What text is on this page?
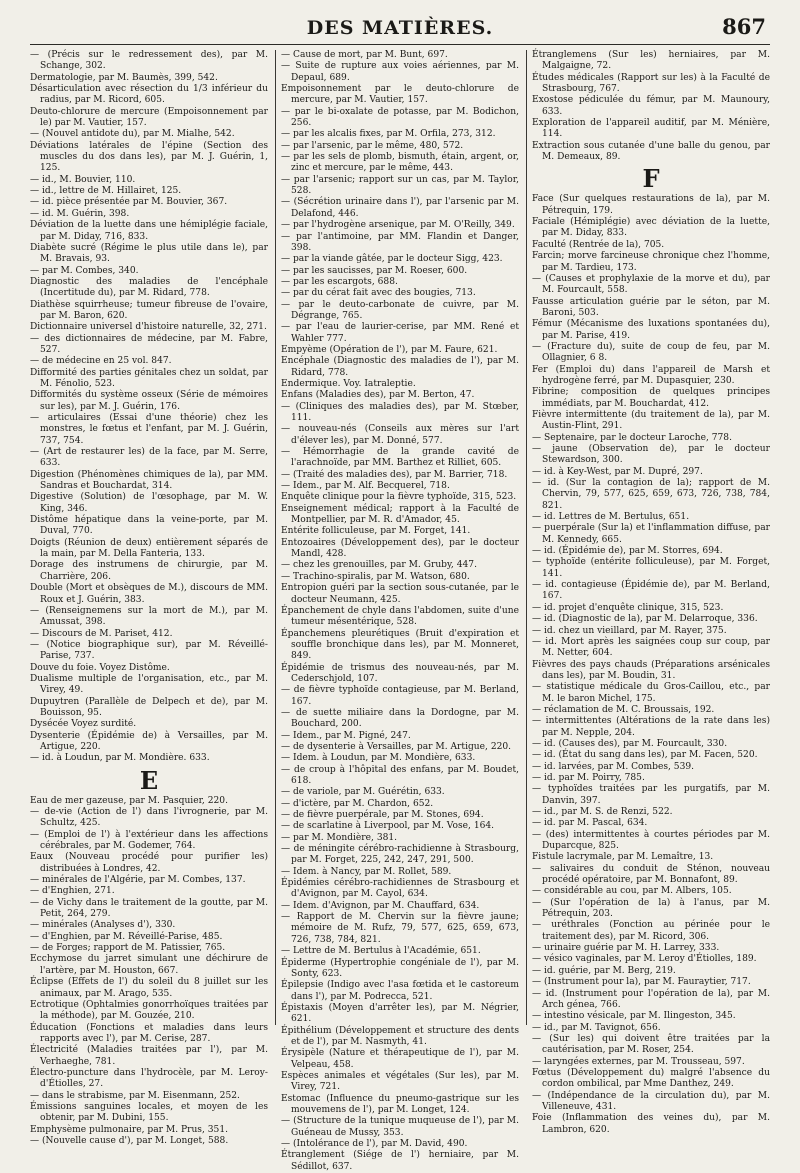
DES MATIÈRES.	867

— (Précis sur le redressement des), par M. Schange, 302.

Dermatologie, par M. Baumès, 399, 542.

Désarticulation avec résection du 1/3 inférieur du radius, par M. Ricord, 605.

Deuto-chlorure de mercure (Empoisonnement par le) par M. Vautier, 157.

— (Nouvel antidote du), par M. Mialhe, 542.

Déviations latérales de l'épine (Section des muscles du dos dans les), par M. J. Guérin, 1, 125.

— id., M. Bouvier, 110.

— id., lettre de M. Hillairet, 125.

— id. pièce présentée par M. Bouvier, 367.

— id. M. Guérin, 398.

Déviation de la luette dans une hémiplégie faciale, par M. Diday, 716, 833.

Diabète sucré (Régime le plus utile dans le), par M. Bravais, 93.

— par M. Combes, 340.

Diagnostic des maladies de l'encéphale (Incertitude du), par M. Ridard, 778.

Diathèse squirrheuse; tumeur fibreuse de l'ovaire, par M. Baron, 620.

Dictionnaire universel d'histoire naturelle, 32, 271.

— des dictionnaires de médecine, par M. Fabre, 527.

— de médecine en 25 vol. 847.

Difformité des parties génitales chez un soldat, par M. Fénolio, 523.

Difformités du système osseux (Série de mémoires sur les), par M. J. Guérin, 176.

— articulaires (Essai d'une théorie) chez les monstres, le fœtus et l'enfant, par M. J. Guérin, 737, 754.

— (Art de restaurer les) de la face, par M. Serre, 633.

Digestion (Phénomènes chimiques de la), par MM. Sandras et Bouchardat, 314.

Digestive (Solution) de l'œsophage, par M. W. King, 346.

Distôme hépatique dans la veine-porte, par M. Duval, 770.

Doigts (Réunion de deux) entièrement séparés de la main, par M. Della Fanteria, 133.

Dorage des instrumens de chirurgie, par M. Charrière, 206.

Double (Mort et obsèques de M.), discours de MM. Roux et J. Guérin, 383.

— (Renseignemens sur la mort de M.), par M. Amussat, 398.

— Discours de M. Pariset, 412.

— (Notice biographique sur), par M. Réveillé-Parise, 737.

Douve du foie. Voyez Distôme.

Dualisme multiple de l'organisation, etc., par M. Virey, 49.

Dupuytren (Parallèle de Delpech et de), par M. Bouisson, 95.

Dysécée Voyez surdité.

Dysenterie (Épidémie de) à Versailles, par M. Artigue, 220.

— id. à Loudun, par M. Mondière. 633.

E

Eau de mer gazeuse, par M. Pasquier, 220.

— de-vie (Action de l') dans l'ivrognerie, par M. Schultz, 425.

— (Emploi de l') à l'extérieur dans les affections cérébrales, par M. Godemer, 764.

Eaux (Nouveau procédé pour purifier les) distribuées à Londres, 42.

— minérales de l'Algérie, par M. Combes, 137.

— d'Enghien, 271.

— de Vichy dans le traitement de la goutte, par M. Petit, 264, 279.

— minérales (Analyses d'), 330.

— d'Enghien, par M. Réveillé-Parise, 485.

— de Forges; rapport de M. Patissier, 765.

Ecchymose du jarret simulant une déchirure de l'artère, par M. Houston, 667.

Éclipse (Effets de l') du soleil du 8 juillet sur les animaux, par M. Arago, 535.

Ectrotique (Ophtalmies gonorrhoïques traitées par la méthode), par M. Gouzée, 210.

Éducation (Fonctions et maladies dans leurs rapports avec l'), par M. Cerise, 287.

Électricité (Maladies traitées par l'), par M. Verhaeghe, 781.

Électro-puncture dans l'hydrocèle, par M. Leroy-d'Étiolles, 27.

— dans le strabisme, par M. Eisenmann, 252.

Émissions sanguines locales, et moyen de les obtenir, par M. Dubini, 155.

Emphysème pulmonaire, par M. Prus, 351.

— (Nouvelle cause d'), par M. Longet, 588.

— Cause de mort, par M. Bunt, 697.

— Suite de rupture aux voies aériennes, par M. Depaul, 689.

Empoisonnement par le deuto-chlorure de mercure, par M. Vautier, 157.

— par le bi-oxalate de potasse, par M. Bodichon, 256.

— par les alcalis fixes, par M. Orfila, 273, 312.

— par l'arsenic, par le même, 480, 572.

— par les sels de plomb, bismuth, étain, argent, or, zinc et mercure, par le même, 443.

— par l'arsenic; rapport sur un cas, par M. Taylor, 528.

— (Sécrétion urinaire dans l'), par l'arsenic par M. Delafond, 446.

— par l'hydrogène arsenique, par M. O'Reilly, 349.

— par l'antimoine, par MM. Flandin et Danger, 398.

— par la viande gâtée, par le docteur Sigg, 423.

— par les saucisses, par M. Roeser, 600.

— par les escargots, 688.

— par du cérat fait avec des bougies, 713.

— par le deuto-carbonate de cuivre, par M. Dégrange, 765.

— par l'eau de laurier-cerise, par MM. René et Wahler 777.

Empyème (Opération de l'), par M. Faure, 621.

Encéphale (Diagnostic des maladies de l'), par M. Ridard, 778.

Endermique. Voy. Iatraleptie.

Enfans (Maladies des), par M. Berton, 47.

— (Cliniques des maladies des), par M. Stœber, 111.

— nouveau-nés (Conseils aux mères sur l'art d'élever les), par M. Donné, 577.

— Hémorrhagie de la grande cavité de l'arachnoïde, par MM. Barthez et Rilliet, 605.

— (Traité des maladies des), par M. Barrier, 718.

— Idem., par M. Alf. Becquerel, 718.

Enquête clinique pour la fièvre typhoïde, 315, 523.

Enseignement médical; rapport à la Faculté de Montpellier, par M. R. d'Amador, 45.

Entérite folliculeuse, par M. Forget, 141.

Entozoaires (Développement des), par le docteur Mandl, 428.

— chez les grenouilles, par M. Gruby, 447.

— Trachino-spiralis, par M. Watson, 680.

Entropion guéri par la section sous-cutanée, par le docteur Neumann, 425.

Épanchement de chyle dans l'abdomen, suite d'une tumeur mésentérique, 528.

Épanchemens pleurétiques (Bruit d'expiration et souffle bronchique dans les), par M. Monneret, 849.

Épidémie de trismus des nouveau-nés, par M. Cederschjold, 107.

— de fièvre typhoïde contagieuse, par M. Berland, 167.

— de suette miliaire dans la Dordogne, par M. Bouchard, 200.

— Idem., par M. Pigné, 247.

— de dysenterie à Versailles, par M. Artigue, 220.

— Idem. à Loudun, par M. Mondière, 633.

— de croup à l'hôpital des enfans, par M. Boudet, 618.

— de variole, par M. Guérétin, 633.

— d'ictère, par M. Chardon, 652.

— de fièvre puerpérale, par M. Stones, 694.

— de scarlatine à Liverpool, par M. Vose, 164.

— par M. Mondière, 381.

— de méningite cérébro-rachidienne à Strasbourg, par M. Forget, 225, 242, 247, 291, 500.

— Idem. à Nancy, par M. Rollet, 589.

Épidémies cérébro-rachidiennes de Strasbourg et d'Avignon, par M. Cayol, 634.

— Idem. d'Avignon, par M. Chauffard, 634.

— Rapport de M. Chervin sur la fièvre jaune; mémoire de M. Rufz, 79, 577, 625, 659, 673, 726, 738, 784, 821.

— Lettre de M. Bertulus à l'Académie, 651.

Épiderme (Hypertrophie congéniale de l'), par M. Sonty, 623.

Épilepsie (Indigo avec l'asa fœtida et le castoreum dans l'), par M. Podrecca, 521.

Épistaxis (Moyen d'arrêter les), par M. Négrier, 621.

Épithélium (Développement et structure des dents et de l'), par M. Nasmyth, 41.

Érysipèle (Nature et thérapeutique de l'), par M. Velpeau, 458.

Espèces animales et végétales (Sur les), par M. Virey, 721.

Estomac (Influence du pneumo-gastrique sur les mouvemens de l'), par M. Longet, 124.

— (Structure de la tunique muqueuse de l'), par M. Guéneau de Mussy, 353.

— (Intolérance de l'), par M. David, 490.

Étranglement (Siége de l') herniaire, par M. Sédillot, 637.

Étranglemens (Sur les) herniaires, par M. Malgaigne, 72.

Études médicales (Rapport sur les) à la Faculté de Strasbourg, 767.

Exostose pédiculée du fémur, par M. Maunoury, 633.

Exploration de l'appareil auditif, par M. Ménière, 114.

Extraction sous cutanée d'une balle du genou, par M. Demeaux, 89.

F

Face (Sur quelques restaurations de la), par M. Pétrequin, 179.

Faciale (Hémiplégie) avec déviation de la luette, par M. Diday, 833.

Faculté (Rentrée de la), 705.

Farcin; morve farcineuse chronique chez l'homme, par M. Tardieu, 173.

— (Causes et prophylaxie de la morve et du), par M. Fourcault, 558.

Fausse articulation guérie par le séton, par M. Baroni, 503.

Fémur (Mécanisme des luxations spontanées du), par M. Parise, 419.

— (Fracture du), suite de coup de feu, par M. Ollagnier, 6 8.

Fer (Emploi du) dans l'appareil de Marsh et hydrogène ferré, par M. Dupasquier, 230.

Fibrine; composition de quelques principes immédiats, par M. Bouchardat, 412.

Fièvre intermittente (du traitement de la), par M. Austin-Flint, 291.

— Septenaire, par le docteur Laroche, 778.

— jaune (Observation de), par le docteur Stewardson, 300.

— id. à Key-West, par M. Dupré, 297.

— id. (Sur la contagion de la); rapport de M. Chervin, 79, 577, 625, 659, 673, 726, 738, 784, 821.

— id. Lettres de M. Bertulus, 651.

— puerpérale (Sur la) et l'inflammation diffuse, par M. Kennedy, 665.

— id. (Épidémie de), par M. Storres, 694.

— typhoïde (entérite folliculeuse), par M. Forget, 141.

— id. contagieuse (Épidémie de), par M. Berland, 167.

— id. projet d'enquête clinique, 315, 523.

— id. (Diagnostic de la), par M. Delarroque, 336.

— id. chez un vieillard, par M. Rayer, 375.

— id. Mort après les saignées coup sur coup, par M. Netter, 604.

Fièvres des pays chauds (Préparations arsénicales dans les), par M. Boudin, 31.

— statistique médicale du Gros-Caillou, etc., par M. le baron Michel, 175.

— réclamation de M. C. Broussais, 192.

— intermittentes (Altérations de la rate dans les) par M. Nepple, 204.

— id. (Causes des), par M. Fourcault, 330.

— id. (État du sang dans les), par M. Facen, 520.

— id. larvées, par M. Combes, 539.

— id. par M. Poirry, 785.

— typhoïdes traitées par les purgatifs, par M. Danvin, 397.

— id., par M. S. de Renzi, 522.

— id. par M. Pascal, 634.

— (des) intermittentes à courtes périodes par M. Duparcque, 825.

Fistule lacrymale, par M. Lemaître, 13.

— salivaires du conduit de Sténon, nouveau procédé opératoire, par M. Bonnafont, 89.

— considérable au cou, par M. Albers, 105.

— (Sur l'opération de la) à l'anus, par M. Pétrequin, 203.

— uréthrales (Fonction au périnée pour le traitement des), par M. Ricord, 306.

— urinaire guérie par M. H. Larrey, 333.

— vésico vaginales, par M. Leroy d'Étiolles, 189.

— id. guérie, par M. Berg, 219.

— (Instrument pour la), par M. Fauraytier, 717.

— id. (Instrument pour l'opération de la), par M. Arch génea, 766.

— intestino vésicale, par M. Ilingeston, 345.

— id., par M. Tavignot, 656.

— (Sur les) qui doivent être traitées par la cautérisation, par M. Roser, 254.

— laryngées externes, par M. Trousseau, 597.

Fœtus (Développement du) malgré l'absence du cordon ombilical, par Mme Danthez, 249.

— (Indépendance de la circulation du), par M. Villeneuve, 431.

Foie (Inflammation des veines du), par M. Lambron, 620.
